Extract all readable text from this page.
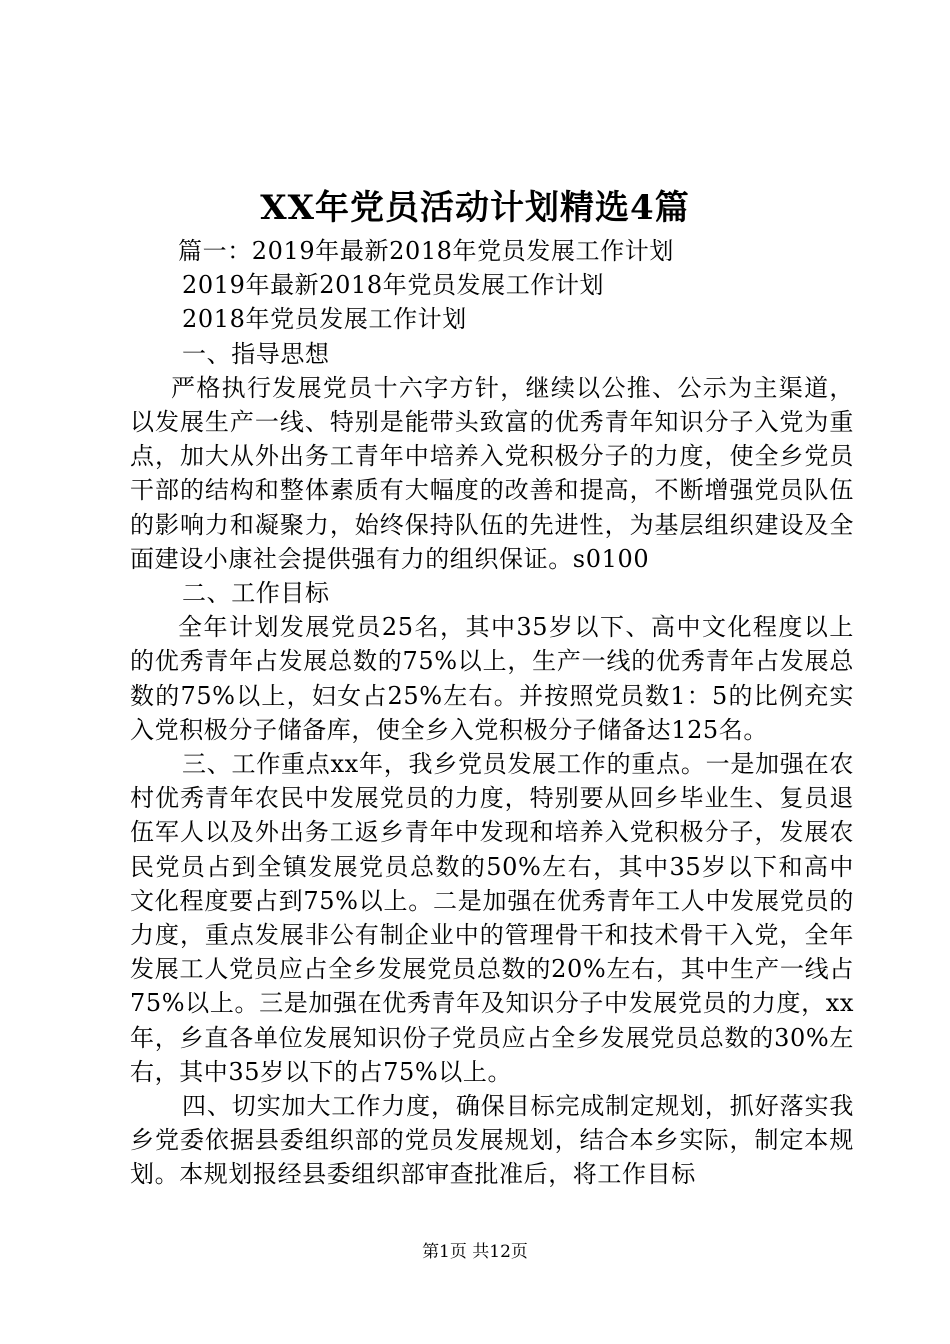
XX年党员活动计划精选4篇

篇一：2019年最新2018年党员发展工作计划

2019年最新2018年党员发展工作计划

2018年党员发展工作计划

一、指导思想

严格执行发展党员十六字方针，继续以公推、公示为主渠道，以发展生产一线、特别是能带头致富的优秀青年知识分子入党为重点，加大从外出务工青年中培养入党积极分子的力度，使全乡党员干部的结构和整体素质有大幅度的改善和提高，不断增强党员队伍的影响力和凝聚力，始终保持队伍的先进性，为基层组织建设及全面建设小康社会提供强有力的组织保证。s0100

二、工作目标

全年计划发展党员25名，其中35岁以下、高中文化程度以上的优秀青年占发展总数的75%以上，生产一线的优秀青年占发展总数的75%以上，妇女占25%左右。并按照党员数1：5的比例充实入党积极分子储备库，使全乡入党积极分子储备达125名。

三、工作重点xx年，我乡党员发展工作的重点。一是加强在农村优秀青年农民中发展党员的力度，特别要从回乡毕业生、复员退伍军人以及外出务工返乡青年中发现和培养入党积极分子，发展农民党员占到全镇发展党员总数的50%左右，其中35岁以下和高中文化程度要占到75%以上。二是加强在优秀青年工人中发展党员的力度，重点发展非公有制企业中的管理骨干和技术骨干入党，全年发展工人党员应占全乡发展党员总数的20%左右，其中生产一线占75%以上。三是加强在优秀青年及知识分子中发展党员的力度，xx年，乡直各单位发展知识份子党员应占全乡发展党员总数的30%左右，其中35岁以下的占75%以上。

四、切实加大工作力度，确保目标完成制定规划，抓好落实我乡党委依据县委组织部的党员发展规划，结合本乡实际，制定本规划。本规划报经县委组织部审查批准后，将工作目标

第1页 共12页
